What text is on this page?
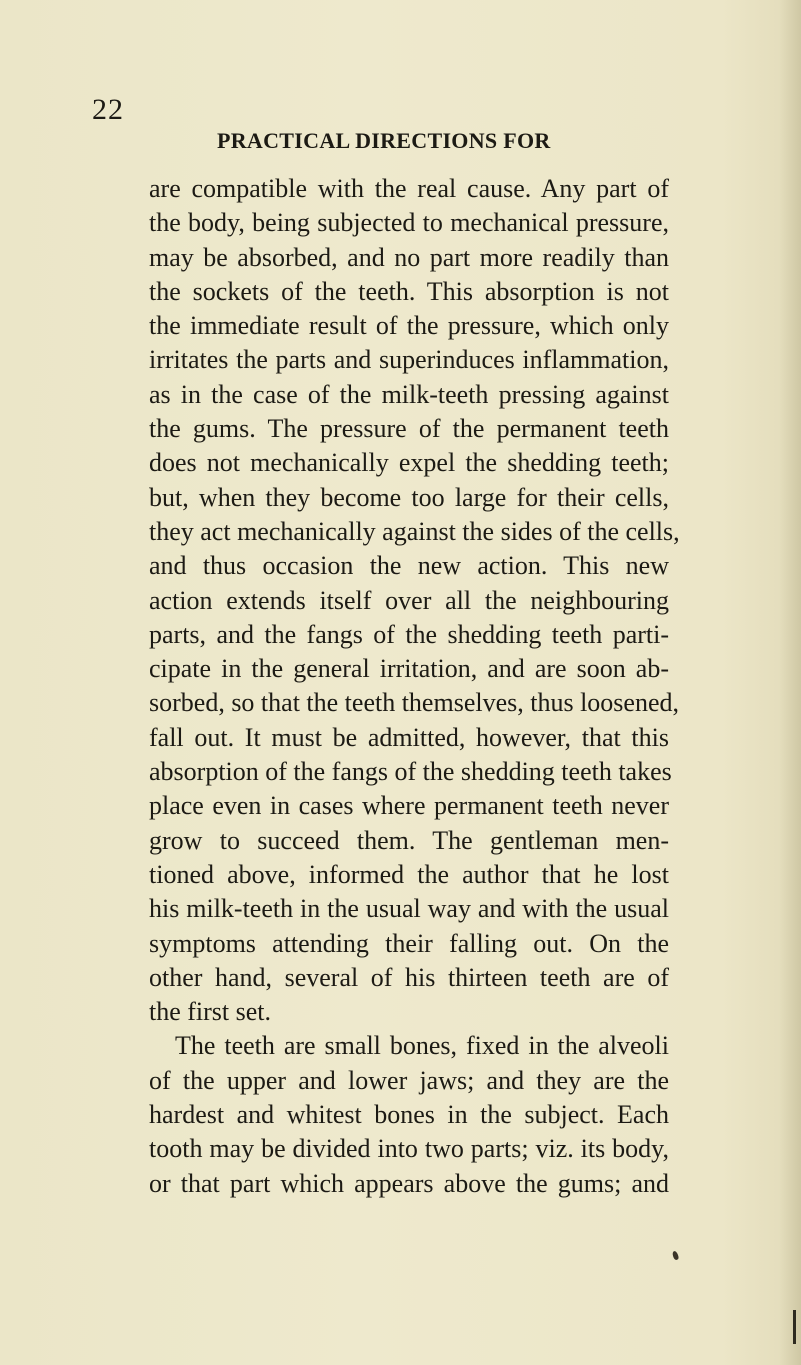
22
PRACTICAL DIRECTIONS FOR
are compatible with the real cause. Any part of
the body, being subjected to mechanical pressure,
may be absorbed, and no part more readily than
the sockets of the teeth. This absorption is not
the immediate result of the pressure, which only
irritates the parts and superinduces inflammation,
as in the case of the milk-teeth pressing against
the gums. The pressure of the permanent teeth
does not mechanically expel the shedding teeth;
but, when they become too large for their cells,
they act mechanically against the sides of the cells,
and thus occasion the new action. This new
action extends itself over all the neighbouring
parts, and the fangs of the shedding teeth parti-
cipate in the general irritation, and are soon ab-
sorbed, so that the teeth themselves, thus loosened,
fall out. It must be admitted, however, that this
absorption of the fangs of the shedding teeth takes
place even in cases where permanent teeth never
grow to succeed them. The gentleman men-
tioned above, informed the author that he lost
his milk-teeth in the usual way and with the usual
symptoms attending their falling out. On the
other hand, several of his thirteen teeth are of
the first set.
The teeth are small bones, fixed in the alveoli
of the upper and lower jaws; and they are the
hardest and whitest bones in the subject. Each
tooth may be divided into two parts; viz. its body,
or that part which appears above the gums; and
